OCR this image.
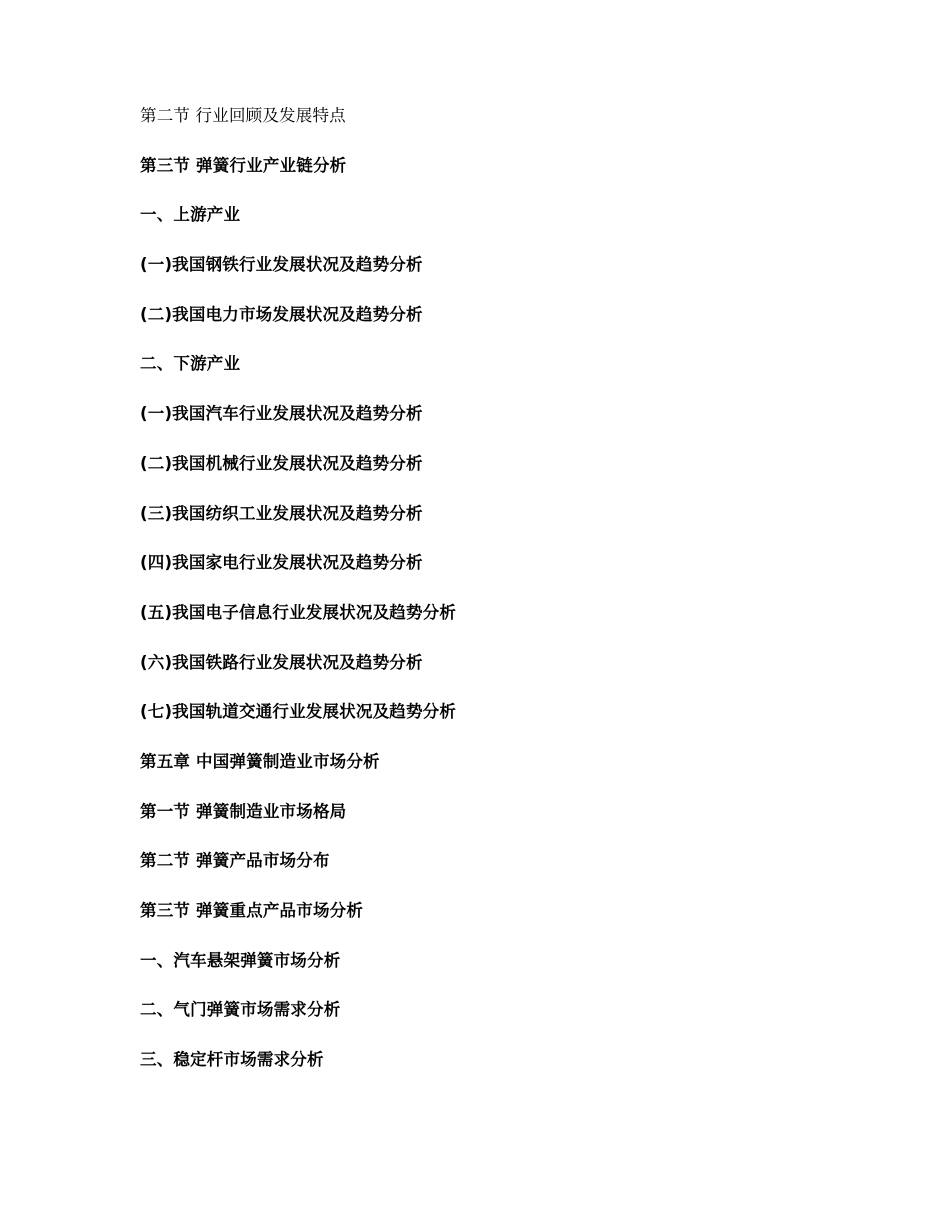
第二节 行业回顾及发展特点

第三节 弹簧行业产业链分析

一、上游产业

(一)我国钢铁行业发展状况及趋势分析

(二)我国电力市场发展状况及趋势分析

二、下游产业

(一)我国汽车行业发展状况及趋势分析

(二)我国机械行业发展状况及趋势分析

(三)我国纺织工业发展状况及趋势分析

(四)我国家电行业发展状况及趋势分析

(五)我国电子信息行业发展状况及趋势分析

(六)我国铁路行业发展状况及趋势分析

(七)我国轨道交通行业发展状况及趋势分析

第五章 中国弹簧制造业市场分析

第一节 弹簧制造业市场格局

第二节 弹簧产品市场分布

第三节 弹簧重点产品市场分析

一、汽车悬架弹簧市场分析

二、气门弹簧市场需求分析

三、稳定杆市场需求分析
